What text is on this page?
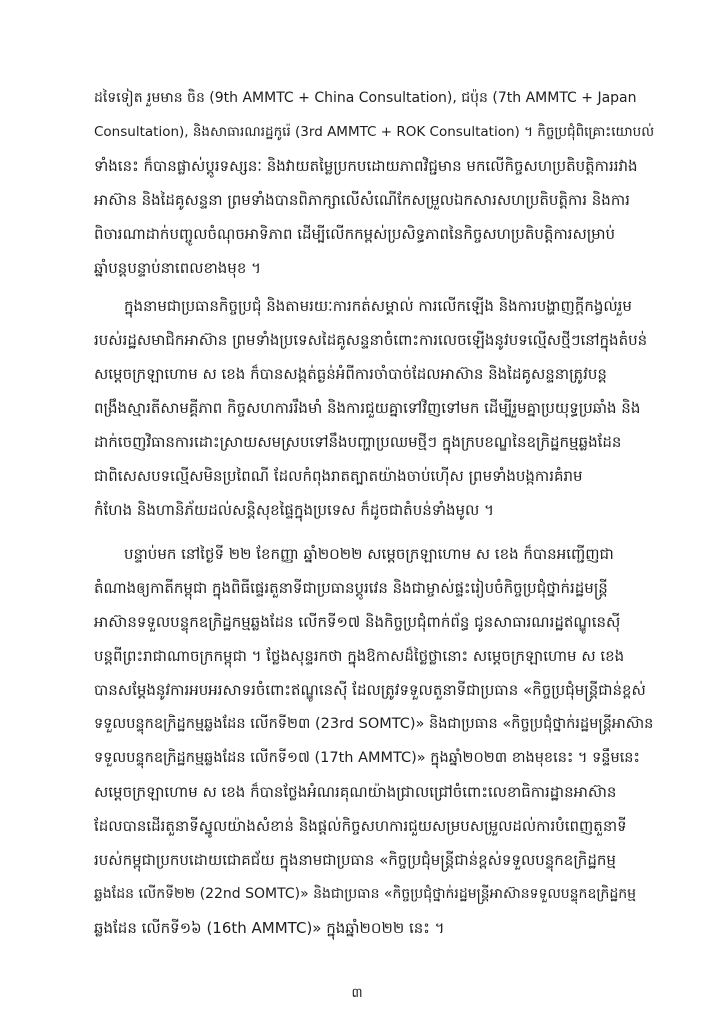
ដទៃទៀត រួមមាន ចិន (9th AMMTC + China Consultation), ជប៉ុន (7th AMMTC + Japan
Consultation), និងសាធារណរដ្ឋកូរ៉េ (3rd AMMTC + ROK Consultation) ។ កិច្ចប្រជុំពិគ្រោះយោបល់
ទាំងនេះ ក៏បានផ្លាស់ប្តូរទស្សនៈ និងវាយតម្លៃប្រកបដោយភាពវិជ្ជមាន មកលើកិច្ចសហប្រតិបត្តិការរវាង
អាស៊ាន និងដៃគូសន្ទនា ព្រមទាំងបានពិភាក្សាលើសំណើកែសម្រួលឯកសារសហប្រតិបត្តិការ និងការ
ពិចារណាដាក់បញ្ចូលចំណុចអាទិភាព ដើម្បីលើកកម្ពស់ប្រសិទ្ធភាពនៃកិច្ចសហប្រតិបត្តិការសម្រាប់
ឆ្នាំបន្តបន្ទាប់នាពេលខាងមុខ ។
ក្នុងនាមជាប្រធានកិច្ចប្រជុំ និងតាមរយៈការកត់សម្គាល់ ការលើកឡើង និងការបង្ហាញក្តីកង្វល់រួម
របស់រដ្ឋសមាជិកអាស៊ាន ព្រមទាំងប្រទេសដៃគូសន្ទនាចំពោះការលេចឡើងនូវបទល្មើសថ្មីៗនៅក្នុងតំបន់
សម្តេចក្រឡាហោម ស ខេង ក៏បានសង្កត់ធ្ងន់អំពីការចាំបាច់ដែលអាស៊ាន និងដៃគូសន្ទនាត្រូវបន្ត
ពង្រឹងស្មារតីសាមគ្គីភាព កិច្ចសហការរឹងមាំ និងការជួយគ្នាទៅវិញទៅមក ដើម្បីរួមគ្នាប្រយុទ្ធប្រឆាំង និង
ដាក់ចេញវិធានការដោះស្រាយសមស្របទៅនឹងបញ្ហាប្រឈមថ្មីៗ ក្នុងក្របខណ្ឌនៃឧក្រិដ្ឋកម្មឆ្លងដែន
ជាពិសេសបទល្មើសមិនប្រពៃណី ដែលកំពុងរាតត្បាតយ៉ាងចាប់ហ៊ើស ព្រមទាំងបង្កការគំរាម
កំហែង និងហានិភ័យដល់សន្តិសុខផ្ទៃក្នុងប្រទេស ក៏ដូចជាតំបន់ទាំងមូល ។
បន្ទាប់មក នៅថ្ងៃទី ២២ ខែកញ្ញា ឆ្នាំ២០២២ សម្តេចក្រឡាហោម ស ខេង ក៏បានអញ្ជើញជា
តំណាងឲ្យកាតីកម្ពុជា ក្នុងពិធីផ្ទេរតួនាទីជាប្រធានប្តូរវេន និងជាម្ចាស់ផ្ទះរៀបចំកិច្ចប្រជុំថ្នាក់រដ្ឋមន្ត្រី
អាស៊ានទទួលបន្ទុកឧក្រិដ្ឋកម្មឆ្លងដែន លើកទី១៧ និងកិច្ចប្រជុំពាក់ព័ន្ធ ជូនសាធារណរដ្ឋឥណ្ឌូនេស៊ី
បន្តពីព្រះរាជាណាចក្រកម្ពុជា ។ ថ្លែងសុន្ទរកថា ក្នុងឱកាសដ៏ថ្លៃថ្លានោះ សម្តេចក្រឡាហោម ស ខេង
បានសម្តែងនូវការអបអរសាទរចំពោះឥណ្ឌូនេស៊ី ដែលត្រូវទទួលតួនាទីជាប្រធាន «កិច្ចប្រជុំមន្ត្រីជាន់ខ្ពស់
ទទួលបន្ទុកឧក្រិដ្ឋកម្មឆ្លងដែន លើកទី២៣ (23rd SOMTC)» និងជាប្រធាន «កិច្ចប្រជុំថ្នាក់រដ្ឋមន្ត្រីអាស៊ាន
ទទួលបន្ទុកឧក្រិដ្ឋកម្មឆ្លងដែន លើកទី១៧ (17th AMMTC)» ក្នុងឆ្នាំ២០២៣ ខាងមុខនេះ ។ ទន្ទឹមនេះ
សម្តេចក្រឡាហោម ស ខេង ក៏បានថ្លែងអំណរគុណយ៉ាងជ្រាលជ្រៅចំពោះលេខាធិការដ្ឋានអាស៊ាន
ដែលបានដើរតួនាទីស្នូលយ៉ាងសំខាន់ និងផ្តល់កិច្ចសហការជួយសម្របសម្រួលដល់ការបំពេញតួនាទី
របស់កម្ពុជាប្រកបដោយជោគជ័យ ក្នុងនាមជាប្រធាន «កិច្ចប្រជុំមន្ត្រីជាន់ខ្ពស់ទទួលបន្ទុកឧក្រិដ្ឋកម្ម
ឆ្លងដែន លើកទី២២ (22nd SOMTC)» និងជាប្រធាន «កិច្ចប្រជុំថ្នាក់រដ្ឋមន្ត្រីអាស៊ានទទួលបន្ទុកឧក្រិដ្ឋកម្ម
ឆ្លងដែន លើកទី១៦ (16th AMMTC)» ក្នុងឆ្នាំ២០២២ នេះ ។
៣
